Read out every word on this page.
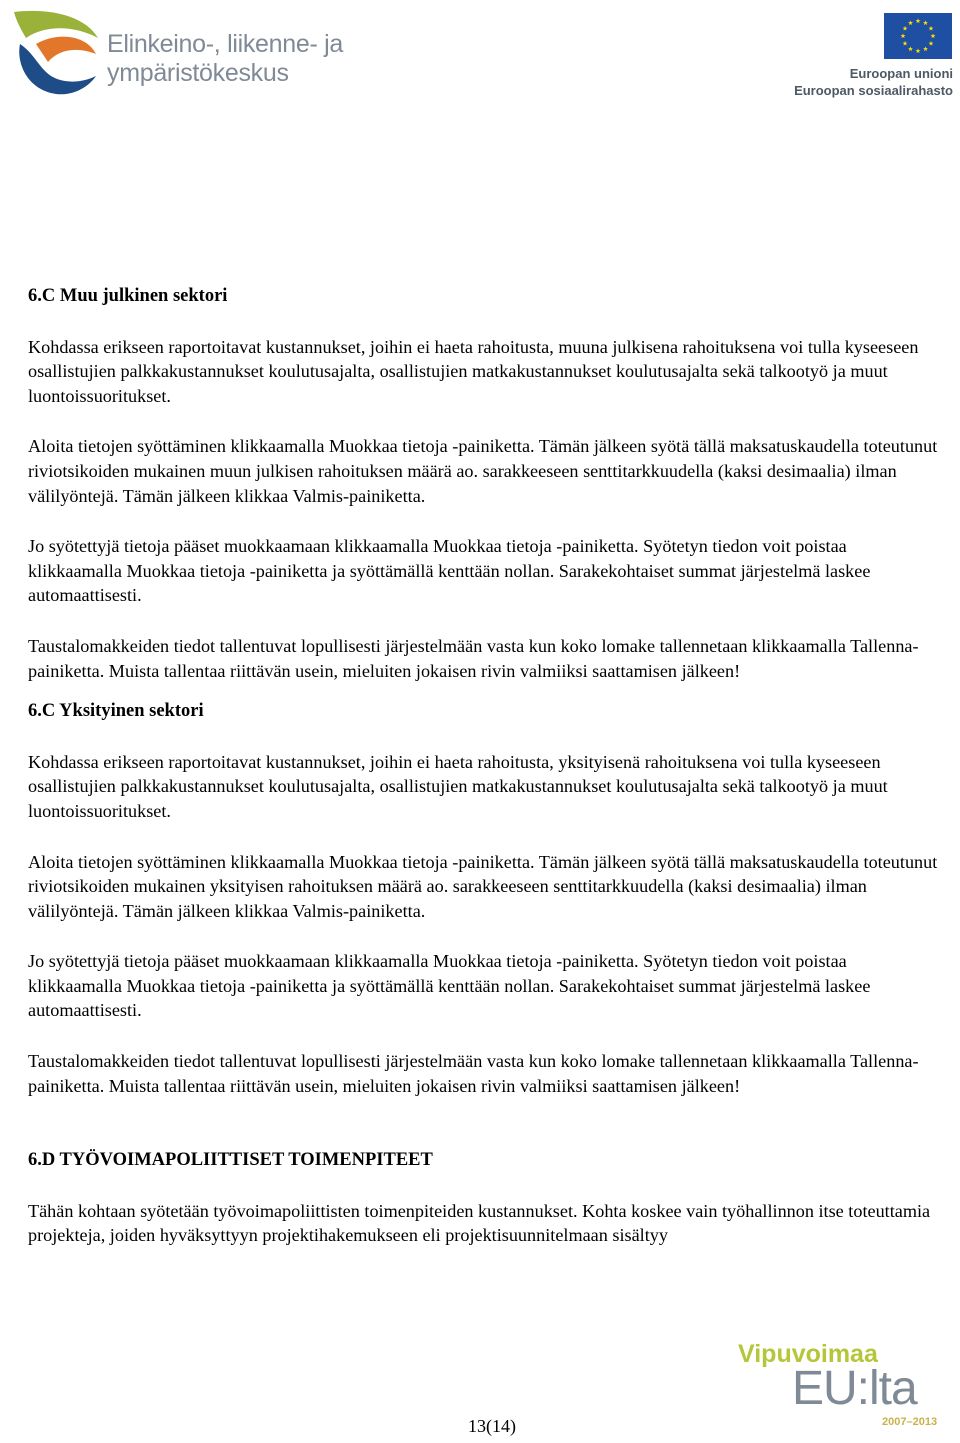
Elinkeino-, liikenne- ja
ympäristökeskus	Euroopan unioni
Euroopan sosiaalirahasto
6.C Muu julkinen sektori

Kohdassa erikseen raportoitavat kustannukset, joihin ei haeta rahoitusta, muuna julkisena rahoituksena voi tulla kyseeseen osallistujien palkkakustannukset koulutusajalta, osallistujien matkakustannukset koulutusajalta sekä talkootyö ja muut luontoissuoritukset.

Aloita tietojen syöttäminen klikkaamalla Muokkaa tietoja -painiketta. Tämän jälkeen syötä tällä maksatuskaudella toteutunut riviotsikoiden mukainen muun julkisen rahoituksen määrä ao. sarakkeeseen senttitarkkuudella (kaksi desimaalia) ilman välilyöntejä. Tämän jälkeen klikkaa Valmis-painiketta.

Jo syötettyjä tietoja pääset muokkaamaan klikkaamalla Muokkaa tietoja -painiketta. Syötetyn tiedon voit poistaa klikkaamalla Muokkaa tietoja -painiketta ja syöttämällä kenttään nollan. Sarakekohtaiset summat järjestelmä laskee automaattisesti.

Taustalomakkeiden tiedot tallentuvat lopullisesti järjestelmään vasta kun koko lomake tallennetaan klikkaamalla Tallenna-painiketta. Muista tallentaa riittävän usein, mieluiten jokaisen rivin valmiiksi saattamisen jälkeen!

6.C Yksityinen sektori

Kohdassa erikseen raportoitavat kustannukset, joihin ei haeta rahoitusta, yksityisenä rahoituksena voi tulla kyseeseen osallistujien palkkakustannukset koulutusajalta, osallistujien matkakustannukset koulutusajalta sekä talkootyö ja muut luontoissuoritukset.

Aloita tietojen syöttäminen klikkaamalla Muokkaa tietoja -painiketta. Tämän jälkeen syötä tällä maksatuskaudella toteutunut riviotsikoiden mukainen yksityisen rahoituksen määrä ao. sarakkeeseen senttitarkkuudella (kaksi desimaalia) ilman välilyöntejä. Tämän jälkeen klikkaa Valmis-painiketta.

Jo syötettyjä tietoja pääset muokkaamaan klikkaamalla Muokkaa tietoja -painiketta. Syötetyn tiedon voit poistaa klikkaamalla Muokkaa tietoja -painiketta ja syöttämällä kenttään nollan. Sarakekohtaiset summat järjestelmä laskee automaattisesti.

Taustalomakkeiden tiedot tallentuvat lopullisesti järjestelmään vasta kun koko lomake tallennetaan klikkaamalla Tallenna-painiketta. Muista tallentaa riittävän usein, mieluiten jokaisen rivin valmiiksi saattamisen jälkeen!

6.D TYÖVOIMAPOLIITTISET TOIMENPITEET

Tähän kohtaan syötetään työvoimapoliittisten toimenpiteiden kustannukset. Kohta koskee vain työhallinnon itse toteuttamia projekteja, joiden hyväksyttyyn projektihakemukseen eli projektisuunnitelmaan sisältyy

Vipuvoimaa
EU:lta
2007–2013
13(14)
